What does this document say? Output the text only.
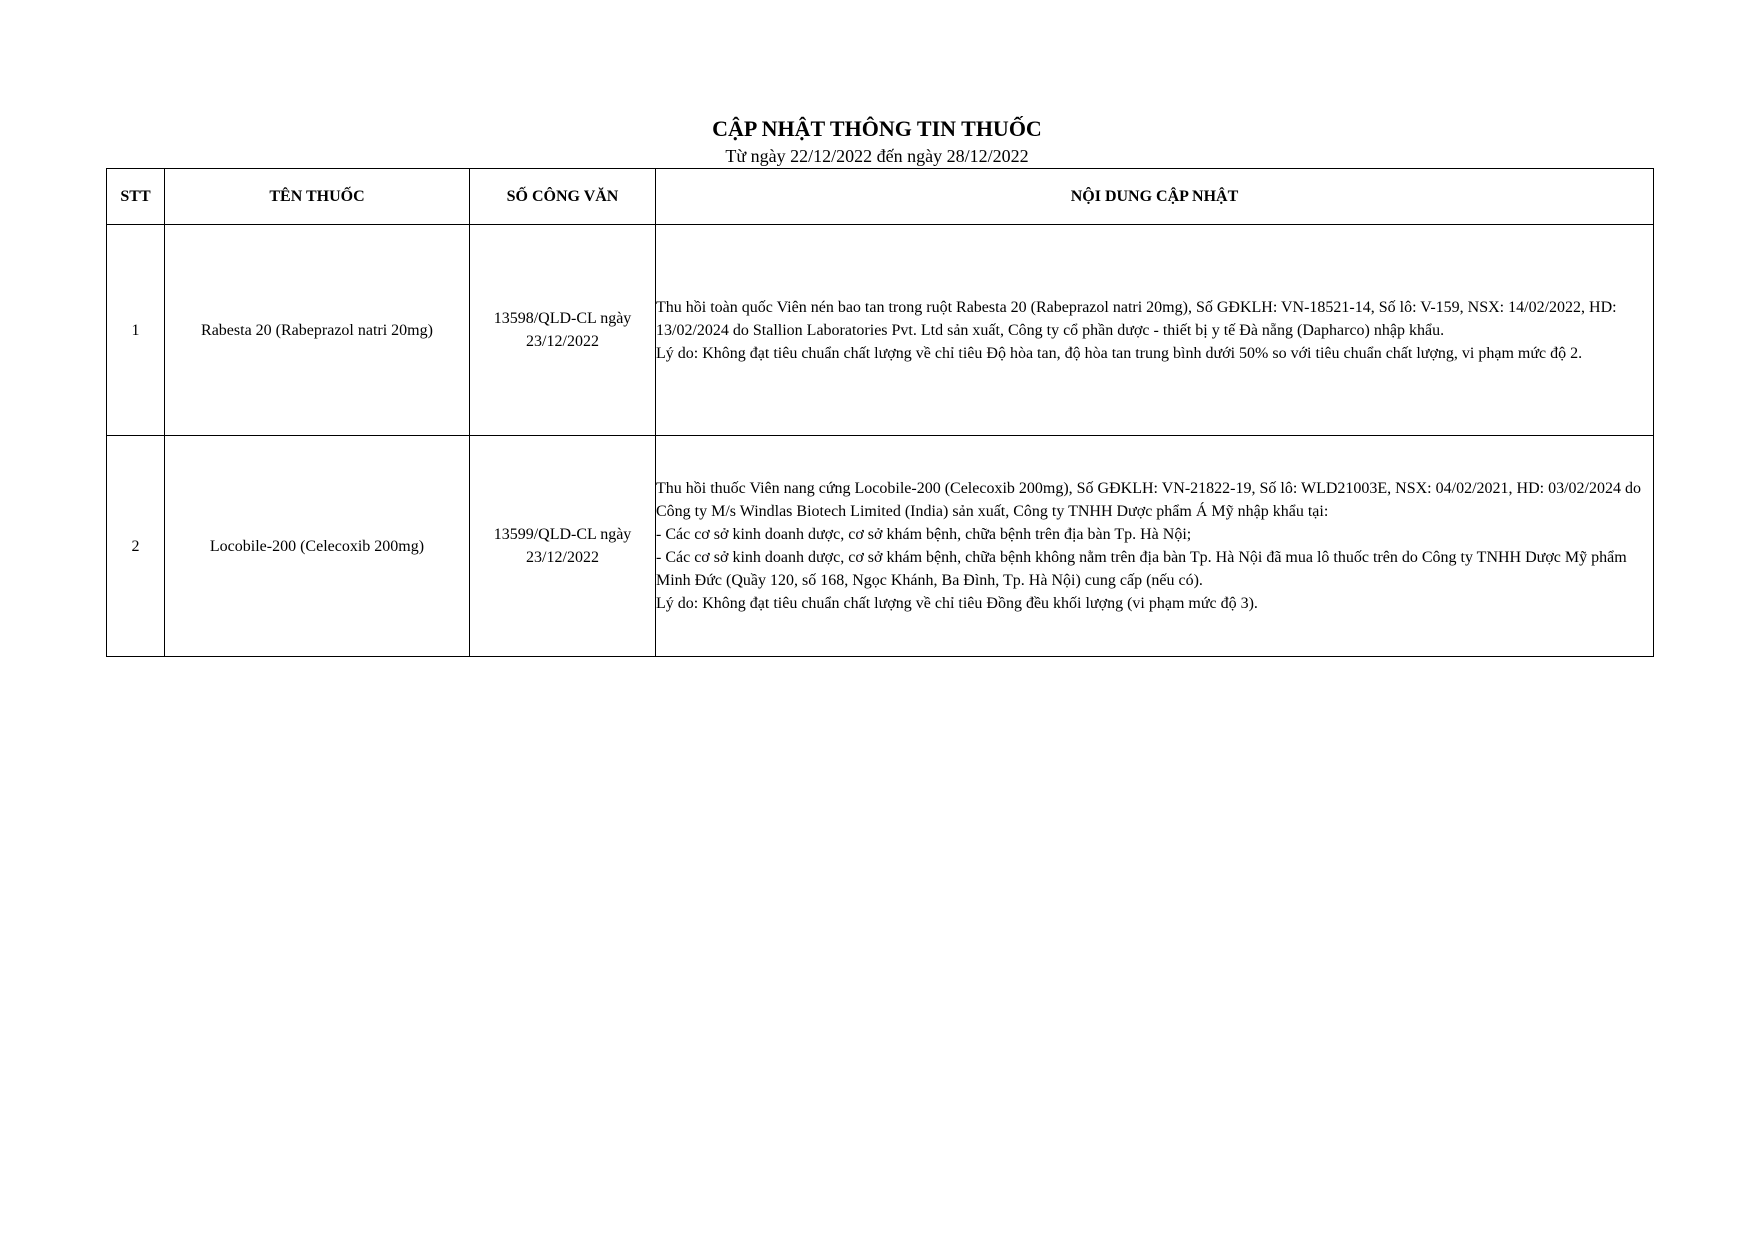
CẬP NHẬT THÔNG TIN THUỐC
Từ ngày 22/12/2022 đến ngày 28/12/2022
STT	TÊN THUỐC	SỐ CÔNG VĂN	NỘI DUNG CẬP NHẬT
1	Rabesta 20 (Rabeprazol natri 20mg)	13598/QLD-CL ngày 23/12/2022	Thu hồi toàn quốc Viên nén bao tan trong ruột Rabesta 20 (Rabeprazol natri 20mg), Số GĐKLH: VN-18521-14, Số lô: V-159, NSX: 14/02/2022, HD: 13/02/2024 do Stallion Laboratories Pvt. Ltd sản xuất, Công ty cổ phần dược - thiết bị y tế Đà nẵng (Dapharco) nhập khẩu.
Lý do: Không đạt tiêu chuẩn chất lượng về chỉ tiêu Độ hòa tan, độ hòa tan trung bình dưới 50% so với tiêu chuẩn chất lượng, vi phạm mức độ 2.

2	Locobile-200 (Celecoxib 200mg)	13599/QLD-CL ngày 23/12/2022	Thu hồi thuốc Viên nang cứng Locobile-200 (Celecoxib 200mg), Số GĐKLH: VN-21822-19, Số lô: WLD21003E, NSX: 04/02/2021, HD: 03/02/2024 do Công ty M/s Windlas Biotech Limited (India) sản xuất, Công ty TNHH Dược phẩm Á Mỹ nhập khẩu tại:
- Các cơ sở kinh doanh dược, cơ sở khám bệnh, chữa bệnh trên địa bàn Tp. Hà Nội;
- Các cơ sở kinh doanh dược, cơ sở khám bệnh, chữa bệnh không nằm trên địa bàn Tp. Hà Nội đã mua lô thuốc trên do Công ty TNHH Dược Mỹ phẩm Minh Đức (Quầy 120, số 168, Ngọc Khánh, Ba Đình, Tp. Hà Nội) cung cấp (nếu có).
Lý do: Không đạt tiêu chuẩn chất lượng về chỉ tiêu Đồng đều khối lượng (vi phạm mức độ 3).
